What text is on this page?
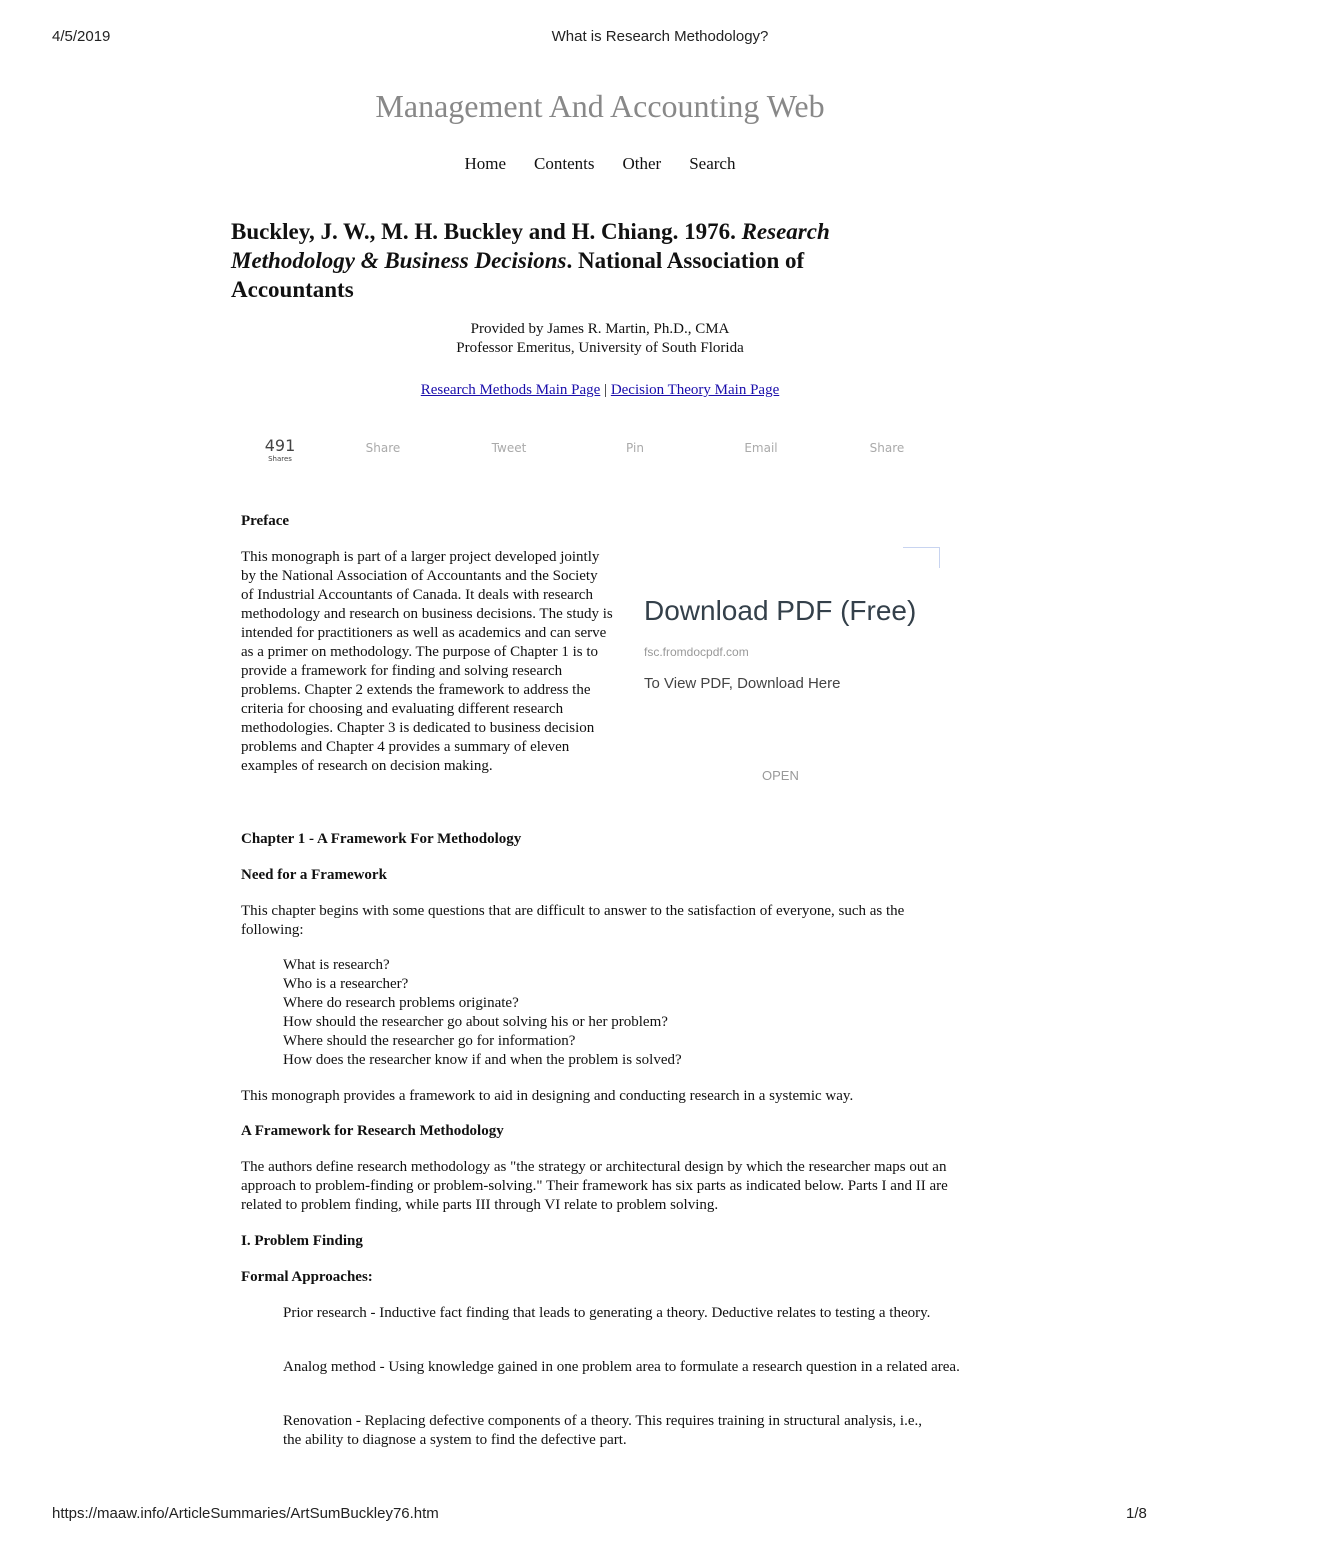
4/5/2019	What is Research Methodology?
Management And Accounting Web
Home Contents Other Search
Buckley, J. W., M. H. Buckley and H. Chiang. 1976. Research Methodology & Business Decisions. National Association of Accountants
Provided by James R. Martin, Ph.D., CMA
Professor Emeritus, University of South Florida
Research Methods Main Page | Decision Theory Main Page
491
Shares
Share	Tweet	Pin	Email	Share
Preface
This monograph is part of a larger project developed jointly by the National Association of Accountants and the Society of Industrial Accountants of Canada. It deals with research methodology and research on business decisions. The study is intended for practitioners as well as academics and can serve as a primer on methodology. The purpose of Chapter 1 is to provide a framework for finding and solving research problems. Chapter 2 extends the framework to address the criteria for choosing and evaluating different research methodologies. Chapter 3 is dedicated to business decision problems and Chapter 4 provides a summary of eleven examples of research on decision making.
Download PDF (Free)
fsc.fromdocpdf.com
To View PDF, Download Here
OPEN
Chapter 1 - A Framework For Methodology
Need for a Framework
This chapter begins with some questions that are difficult to answer to the satisfaction of everyone, such as the following:
What is research?
Who is a researcher?
Where do research problems originate?
How should the researcher go about solving his or her problem?
Where should the researcher go for information?
How does the researcher know if and when the problem is solved?
This monograph provides a framework to aid in designing and conducting research in a systemic way.
A Framework for Research Methodology
The authors define research methodology as "the strategy or architectural design by which the researcher maps out an approach to problem-finding or problem-solving." Their framework has six parts as indicated below. Parts I and II are related to problem finding, while parts III through VI relate to problem solving.
I. Problem Finding
Formal Approaches:
Prior research - Inductive fact finding that leads to generating a theory. Deductive relates to testing a theory.
Analog method - Using knowledge gained in one problem area to formulate a research question in a related area.
Renovation - Replacing defective components of a theory. This requires training in structural analysis, i.e., the ability to diagnose a system to find the defective part.
https://maaw.info/ArticleSummaries/ArtSumBuckley76.htm	1/8
